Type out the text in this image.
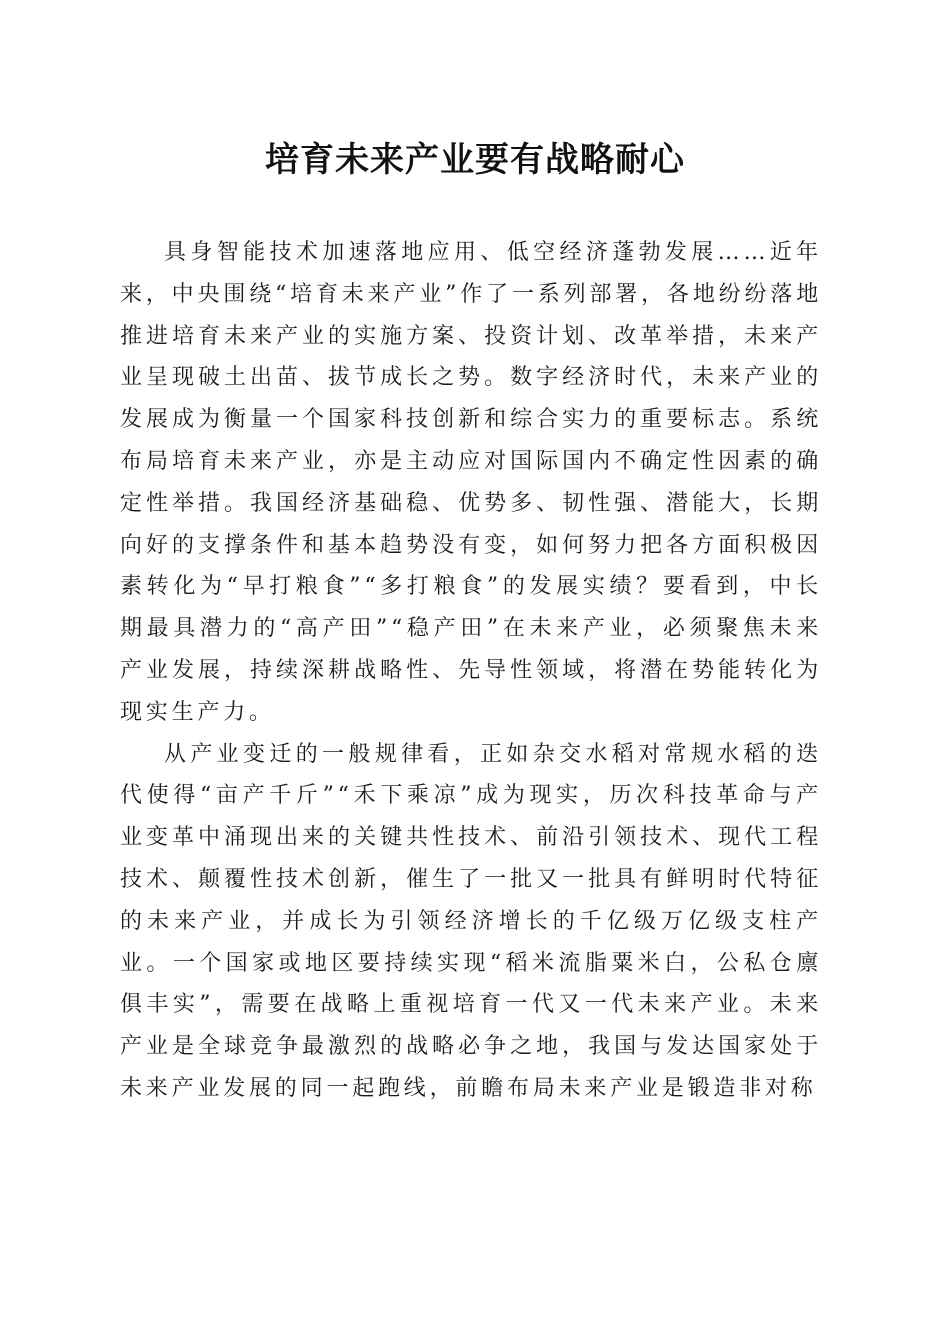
培育未来产业要有战略耐心

具身智能技术加速落地应用、低空经济蓬勃发展……近年来，中央围绕“培育未来产业”作了一系列部署，各地纷纷落地推进培育未来产业的实施方案、投资计划、改革举措，未来产业呈现破土出苗、拔节成长之势。数字经济时代，未来产业的发展成为衡量一个国家科技创新和综合实力的重要标志。系统布局培育未来产业，亦是主动应对国际国内不确定性因素的确定性举措。我国经济基础稳、优势多、韧性强、潜能大，长期向好的支撑条件和基本趋势没有变，如何努力把各方面积极因素转化为“早打粮食”“多打粮食”的发展实绩？要看到，中长期最具潜力的“高产田”“稳产田”在未来产业，必须聚焦未来产业发展，持续深耕战略性、先导性领域，将潜在势能转化为现实生产力。

从产业变迁的一般规律看，正如杂交水稻对常规水稻的迭代使得“亩产千斤”“禾下乘凉”成为现实，历次科技革命与产业变革中涌现出来的关键共性技术、前沿引领技术、现代工程技术、颠覆性技术创新，催生了一批又一批具有鲜明时代特征的未来产业，并成长为引领经济增长的千亿级万亿级支柱产业。一个国家或地区要持续实现“稻米流脂粟米白，公私仓廪俱丰实”，需要在战略上重视培育一代又一代未来产业。未来产业是全球竞争最激烈的战略必争之地，我国与发达国家处于未来产业发展的同一起跑线，前瞻布局未来产业是锻造非对称
